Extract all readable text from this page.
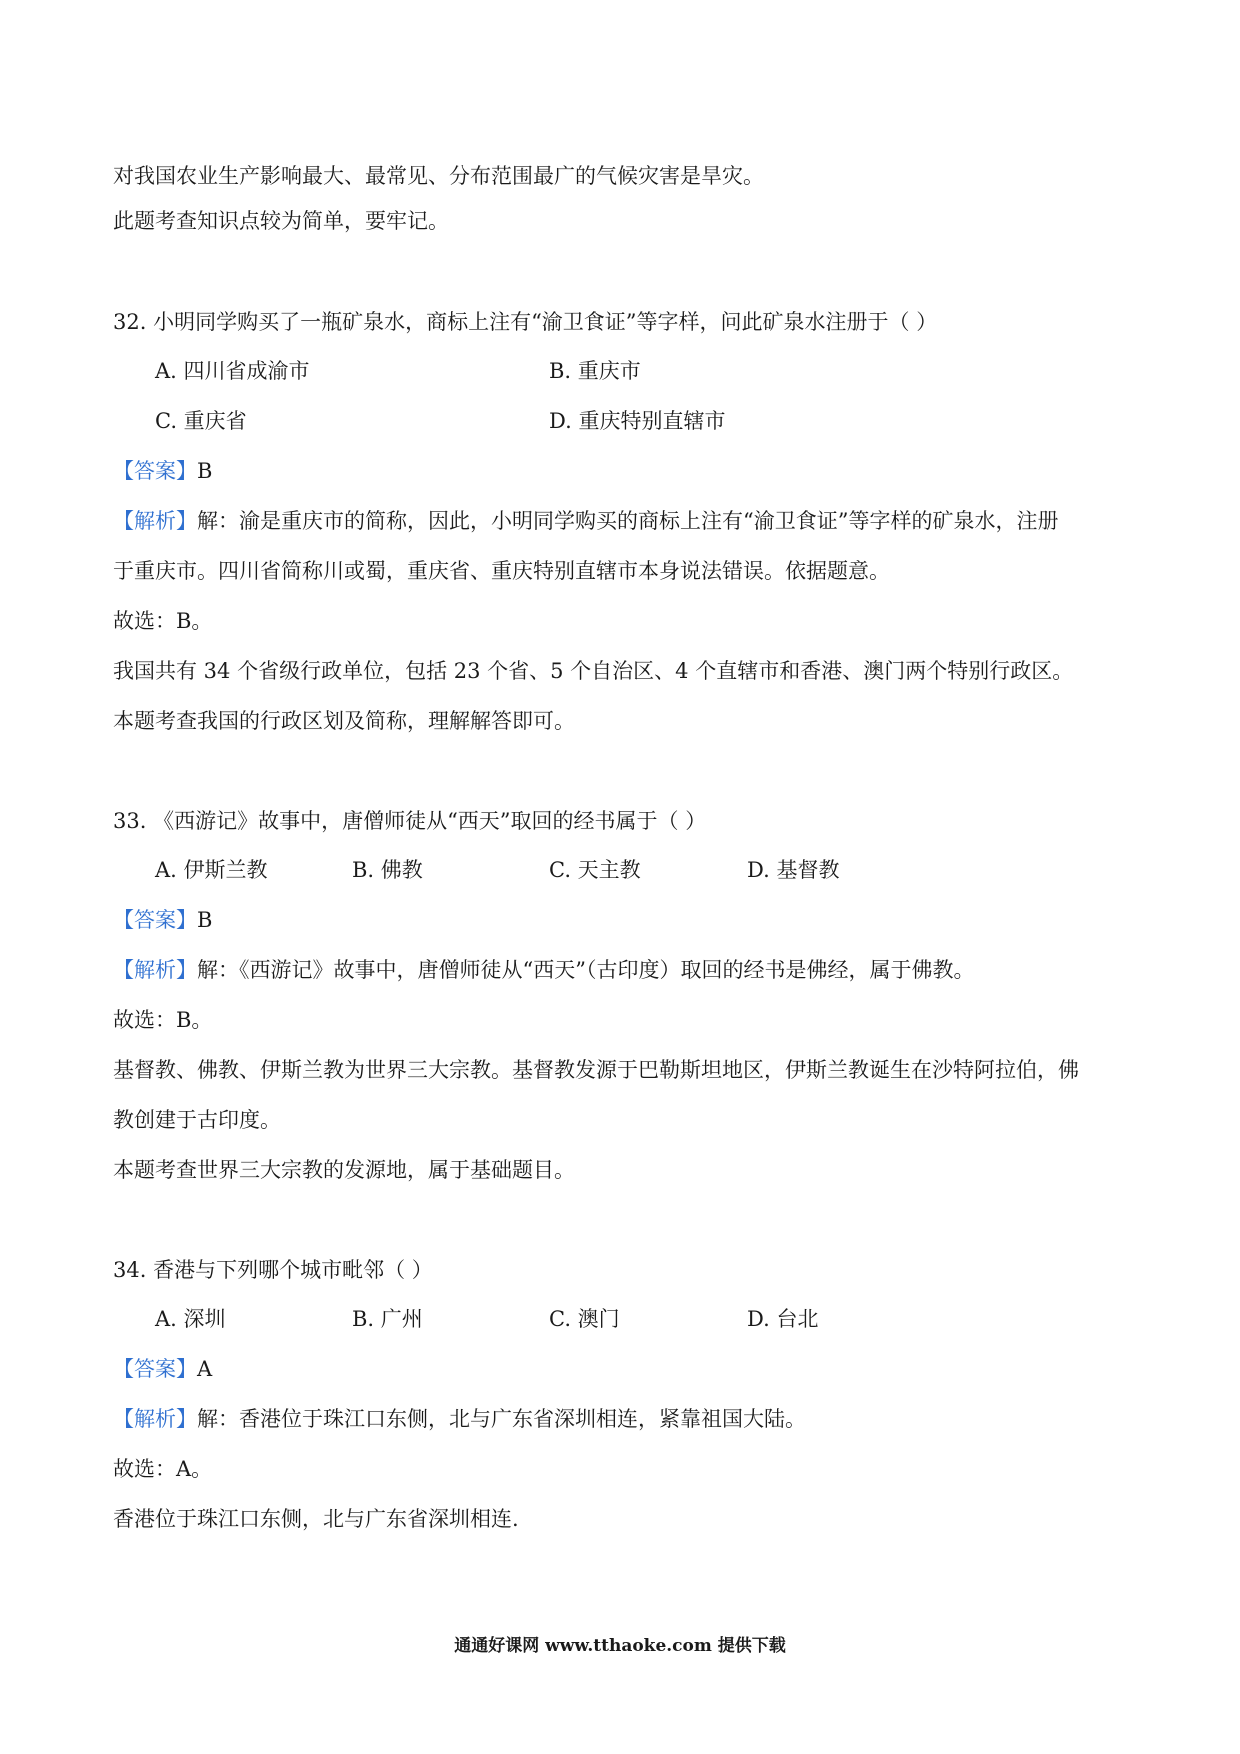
对我国农业生产影响最大、最常见、分布范围最广的气候灾害是旱灾。
此题考查知识点较为简单，要牢记。
32. 小明同学购买了一瓶矿泉水，商标上注有“渝卫食证”等字样，问此矿泉水注册于（ ）
A. 四川省成渝市	B. 重庆市
C. 重庆省	D. 重庆特别直辖市
【答案】B
【解析】解：渝是重庆市的简称，因此，小明同学购买的商标上注有“渝卫食证”等字样的矿泉水，注册
于重庆市。四川省简称川或蜀，重庆省、重庆特别直辖市本身说法错误。依据题意。
故选：B。
我国共有 34 个省级行政单位，包括 23 个省、5 个自治区、4 个直辖市和香港、澳门两个特别行政区。
本题考查我国的行政区划及简称，理解解答即可。
33. 《西游记》故事中，唐僧师徒从“西天”取回的经书属于（ ）
A. 伊斯兰教	B. 佛教	C. 天主教	D. 基督教
【答案】B
【解析】解：《西游记》故事中，唐僧师徒从“西天”（古印度）取回的经书是佛经，属于佛教。
故选：B。
基督教、佛教、伊斯兰教为世界三大宗教。基督教发源于巴勒斯坦地区，伊斯兰教诞生在沙特阿拉伯，佛
教创建于古印度。
本题考查世界三大宗教的发源地，属于基础题目。
34. 香港与下列哪个城市毗邻（ ）
A. 深圳	B. 广州	C. 澳门	D. 台北
【答案】A
【解析】解：香港位于珠江口东侧，北与广东省深圳相连，紧靠祖国大陆。
故选：A。
香港位于珠江口东侧，北与广东省深圳相连.
通通好课网 www.tthaoke.com 提供下载
